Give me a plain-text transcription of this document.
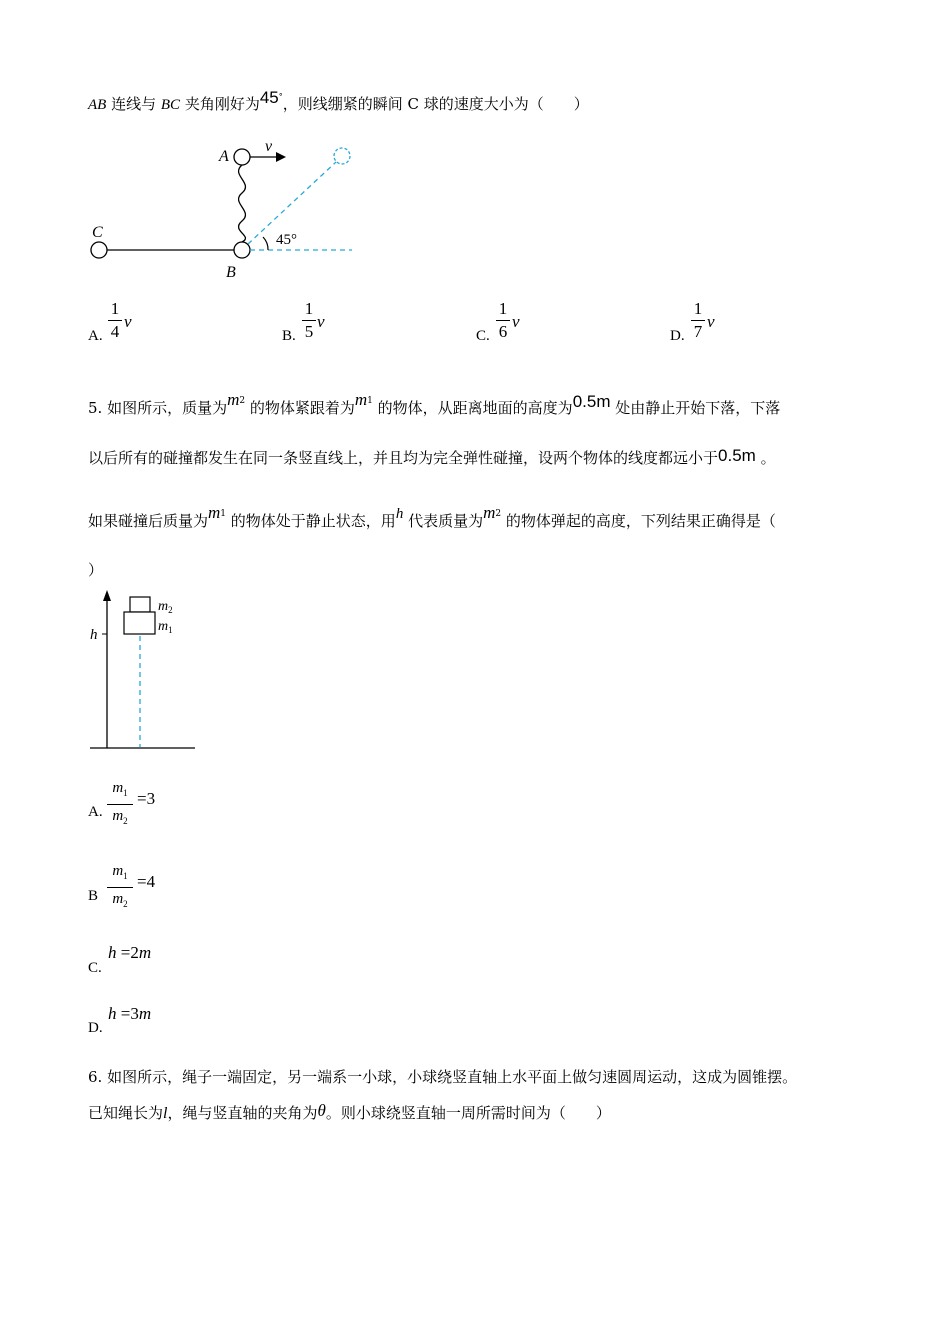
AB 连线与 BC 夹角刚好为45°，则线绷紧的瞬间 C 球的速度大小为（　　）
A
v
C
B
45°
A.
1
4
v
B.
1
5
v
C.
1
6
v
D.
1
7
v
5. 如图所示，质量为$m^2$ 的物体紧跟着为$m^1$ 的物体，从距离地面的高度为0.5m 处由静止开始下落，下落
以后所有的碰撞都发生在同一条竖直线上，并且均为完全弹性碰撞，设两个物体的线度都远小于0.5m 。
如果碰撞后质量为$m^1$ 的物体处于静止状态，用h 代表质量为$m^2$ 的物体弹起的高度，下列结果正确得是（
）
h
$m_2$
$m_1$
A.
$m_1$
$m_2$
=3
B
$m_1$
$m_2$
=4
C.
h =2m
D.
h =3m
6. 如图所示，绳子一端固定，另一端系一小球，小球绕竖直轴上水平面上做匀速圆周运动，这成为圆锥摆。
已知绳长为l，绳与竖直轴的夹角为θ。则小球绕竖直轴一周所需时间为（　　）
